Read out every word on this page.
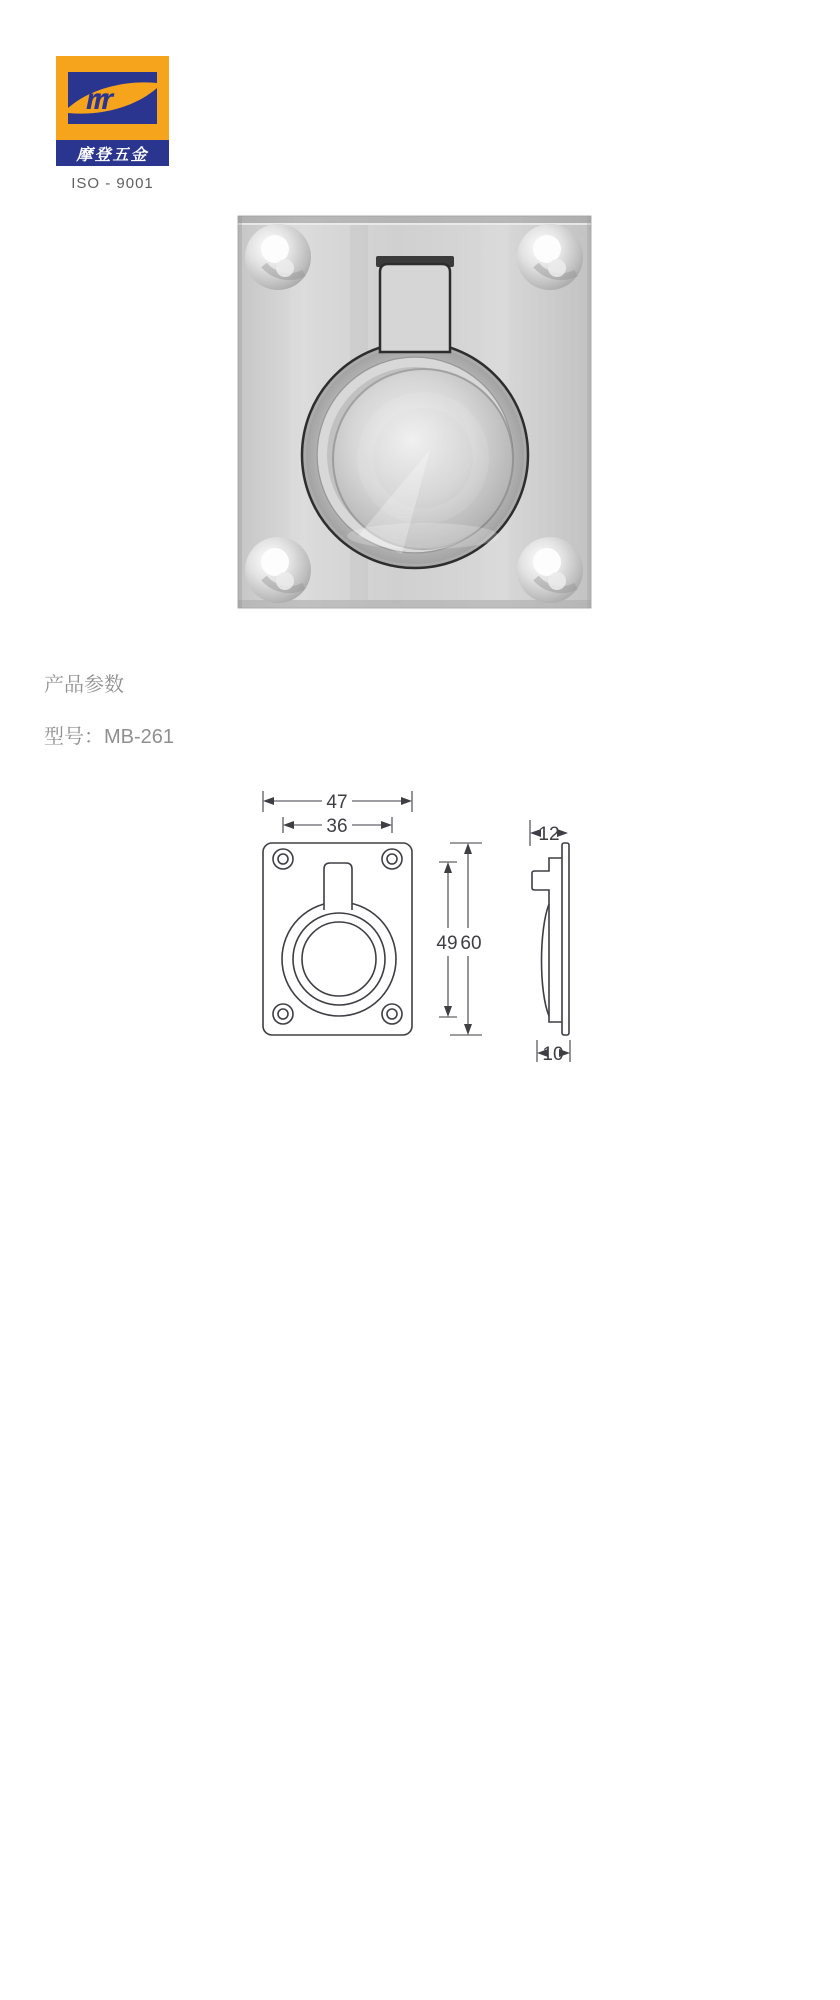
rrr	®
摩登五金
ISO - 9001
产品参数
型号：MB-261
47
36
49 60
12
10
